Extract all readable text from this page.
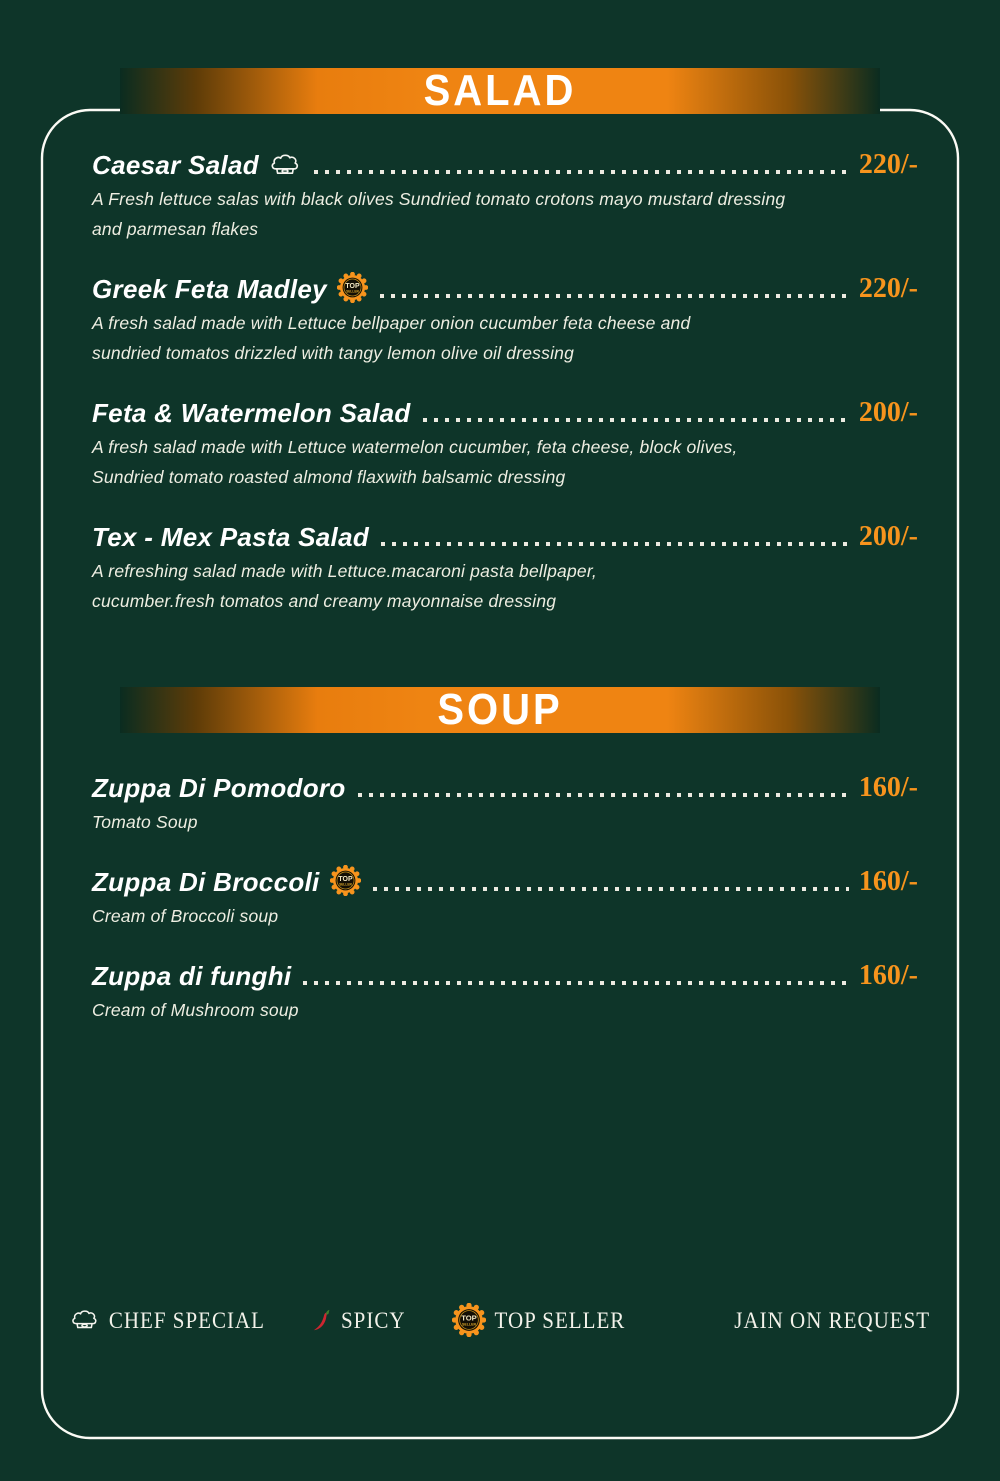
SALAD
Caesar Salad	220/-
A Fresh lettuce salas with black olives Sundried tomato crotons mayo mustard dressing
and parmesan flakes
Greek Feta Madley	220/-
A fresh salad made with Lettuce bellpaper onion cucumber feta cheese and
sundried tomatos drizzled with tangy lemon olive oil dressing
Feta & Watermelon Salad	200/-
A fresh salad made with Lettuce watermelon cucumber, feta cheese, block olives,
Sundried tomato roasted almond flaxwith balsamic dressing
Tex - Mex Pasta Salad	200/-
A refreshing salad made with Lettuce.macaroni pasta bellpaper,
cucumber.fresh tomatos and creamy mayonnaise dressing
SOUP
Zuppa Di Pomodoro	160/-
Tomato Soup
Zuppa Di Broccoli	160/-
Cream of Broccoli soup
Zuppa di funghi	160/-
Cream of Mushroom soup
CHEF SPECIAL	SPICY	TOP SELLER	JAIN ON REQUEST
